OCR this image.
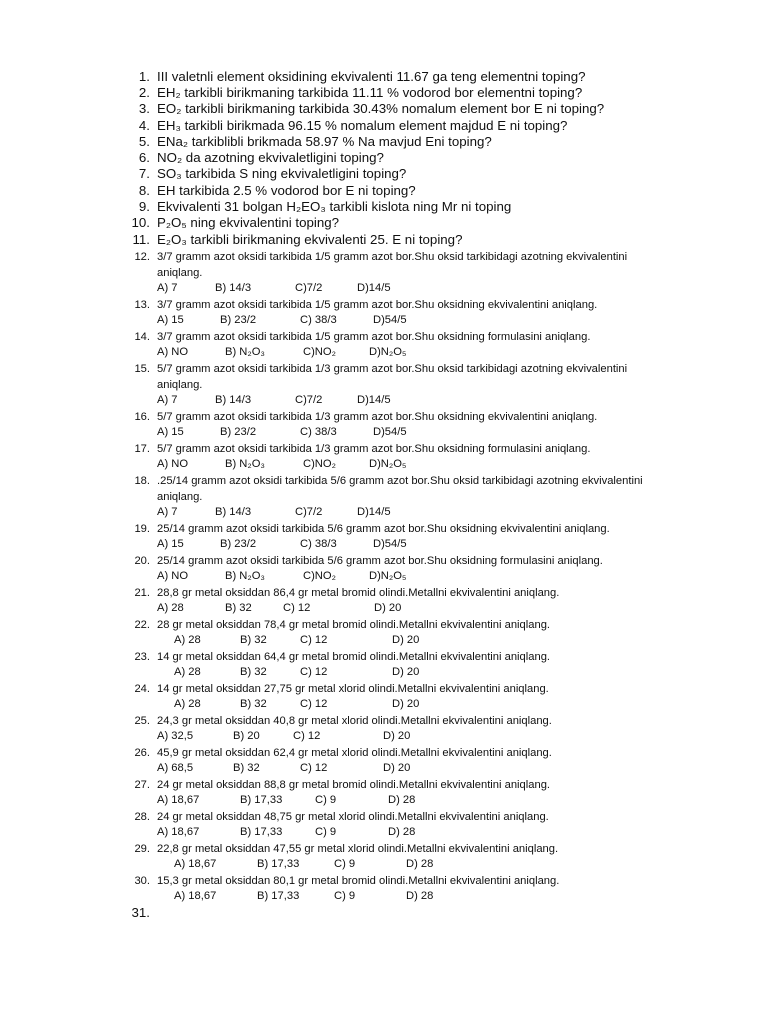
1. III valetnli element oksidining ekvivalenti 11.67 ga teng elementni toping?
2. EH₂ tarkibli birikmaning tarkibida 11.11 % vodorod bor elementni toping?
3. EO₂ tarkibli birikmaning tarkibida 30.43% nomalum element bor E ni toping?
4. EH₃ tarkibli birikmada 96.15 % nomalum element majdud E ni toping?
5. ENa₂ tarkiblibli brikmada 58.97 % Na mavjud Eni toping?
6. NO₂ da azotning ekvivaletligini toping?
7. SO₃ tarkibida S ning ekvivaletligini toping?
8. EH tarkibida 2.5 % vodorod bor E ni toping?
9. Ekvivalenti 31 bolgan H₂EO₃ tarkibli kislota ning Mr ni toping
10. P₂O₅ ning ekvivalentini toping?
11. E₂O₃ tarkibli birikmaning ekvivalenti 25. E ni toping?
12. 3/7 gramm azot oksidi tarkibida 1/5 gramm azot bor.Shu oksid tarkibidagi azotning ekvivalentini
aniqlang.
A) 7	B) 14/3	C)7/2	D)14/5
13. 3/7 gramm azot oksidi tarkibida 1/5 gramm azot bor.Shu oksidning ekvivalentini aniqlang.
A) 15	B) 23/2	C) 38/3	D)54/5
14. 3/7 gramm azot oksidi tarkibida 1/5 gramm azot bor.Shu oksidning formulasini aniqlang.
A) NO	B) N₂O₃	C)NO₂	D)N₂O₅
15. 5/7 gramm azot oksidi tarkibida 1/3 gramm azot bor.Shu oksid tarkibidagi azotning ekvivalentini
aniqlang.
A) 7	B) 14/3	C)7/2	D)14/5
16. 5/7 gramm azot oksidi tarkibida 1/3 gramm azot bor.Shu oksidning ekvivalentini aniqlang.
A) 15	B) 23/2	C) 38/3	D)54/5
17. 5/7 gramm azot oksidi tarkibida 1/3 gramm azot bor.Shu oksidning formulasini aniqlang.
A) NO	B) N₂O₃	C)NO₂	D)N₂O₅
18. .25/14 gramm azot oksidi tarkibida 5/6 gramm azot bor.Shu oksid tarkibidagi azotning ekvivalentini
aniqlang.
A) 7	B) 14/3	C)7/2	D)14/5
19. 25/14 gramm azot oksidi tarkibida 5/6 gramm azot bor.Shu oksidning ekvivalentini aniqlang.
A) 15	B) 23/2	C) 38/3	D)54/5
20. 25/14 gramm azot oksidi tarkibida 5/6 gramm azot bor.Shu oksidning formulasini aniqlang.
A) NO	B) N₂O₃	C)NO₂	D)N₂O₅
21. 28,8 gr metal oksiddan 86,4 gr metal bromid olindi.Metallni ekvivalentini aniqlang.
A) 28	B) 32	C) 12	D) 20
22. 28 gr metal oksiddan 78,4 gr metal bromid olindi.Metallni ekvivalentini aniqlang.
A) 28	B) 32	C) 12	D) 20
23. 14 gr metal oksiddan 64,4 gr metal bromid olindi.Metallni ekvivalentini aniqlang.
A) 28	B) 32	C) 12	D) 20
24. 14 gr metal oksiddan 27,75 gr metal xlorid olindi.Metallni ekvivalentini aniqlang.
A) 28	B) 32	C) 12	D) 20
25. 24,3 gr metal oksiddan 40,8 gr metal xlorid olindi.Metallni ekvivalentini aniqlang.
A) 32,5	B) 20	C) 12	D) 20
26. 45,9 gr metal oksiddan 62,4 gr metal xlorid olindi.Metallni ekvivalentini aniqlang.
A) 68,5	B) 32	C) 12	D) 20
27. 24 gr metal oksiddan 88,8 gr metal bromid olindi.Metallni ekvivalentini aniqlang.
A) 18,67	B) 17,33	C) 9	D) 28
28. 24 gr metal oksiddan 48,75 gr metal xlorid olindi.Metallni ekvivalentini aniqlang.
A) 18,67	B) 17,33	C) 9	D) 28
29. 22,8 gr metal oksiddan 47,55 gr metal xlorid olindi.Metallni ekvivalentini aniqlang.
A) 18,67	B) 17,33	C) 9	D) 28
30. 15,3 gr metal oksiddan 80,1 gr metal bromid olindi.Metallni ekvivalentini aniqlang.
A) 18,67	B) 17,33	C) 9	D) 28
31.
